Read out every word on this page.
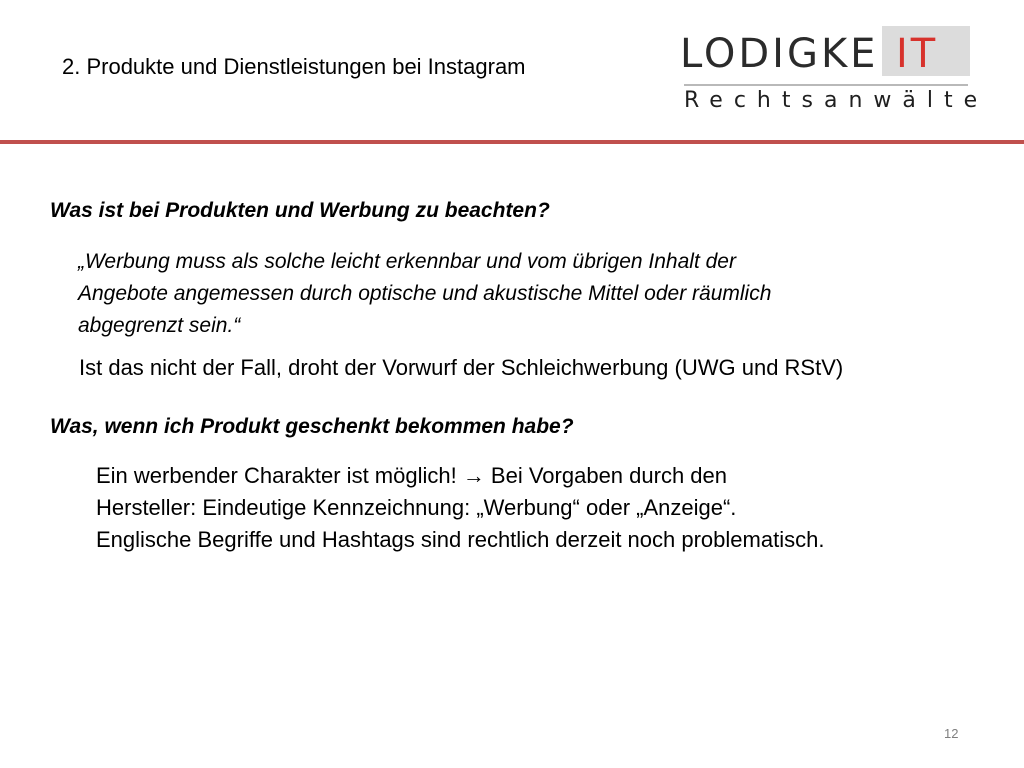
2. Produkte und Dienstleistungen bei Instagram	LODIGKE IT
Rechtsanwälte
Was ist bei Produkten und Werbung zu beachten?
„Werbung muss als solche leicht erkennbar und vom übrigen Inhalt der
Angebote angemessen durch optische und akustische Mittel oder räumlich
abgegrenzt sein.“
Ist das nicht der Fall, droht der Vorwurf der Schleichwerbung (UWG und RStV)
Was, wenn ich Produkt geschenkt bekommen habe?
Ein werbender Charakter ist möglich! → Bei Vorgaben durch den
Hersteller: Eindeutige Kennzeichnung: „Werbung“ oder „Anzeige“.
Englische Begriffe und Hashtags sind rechtlich derzeit noch problematisch.
12
